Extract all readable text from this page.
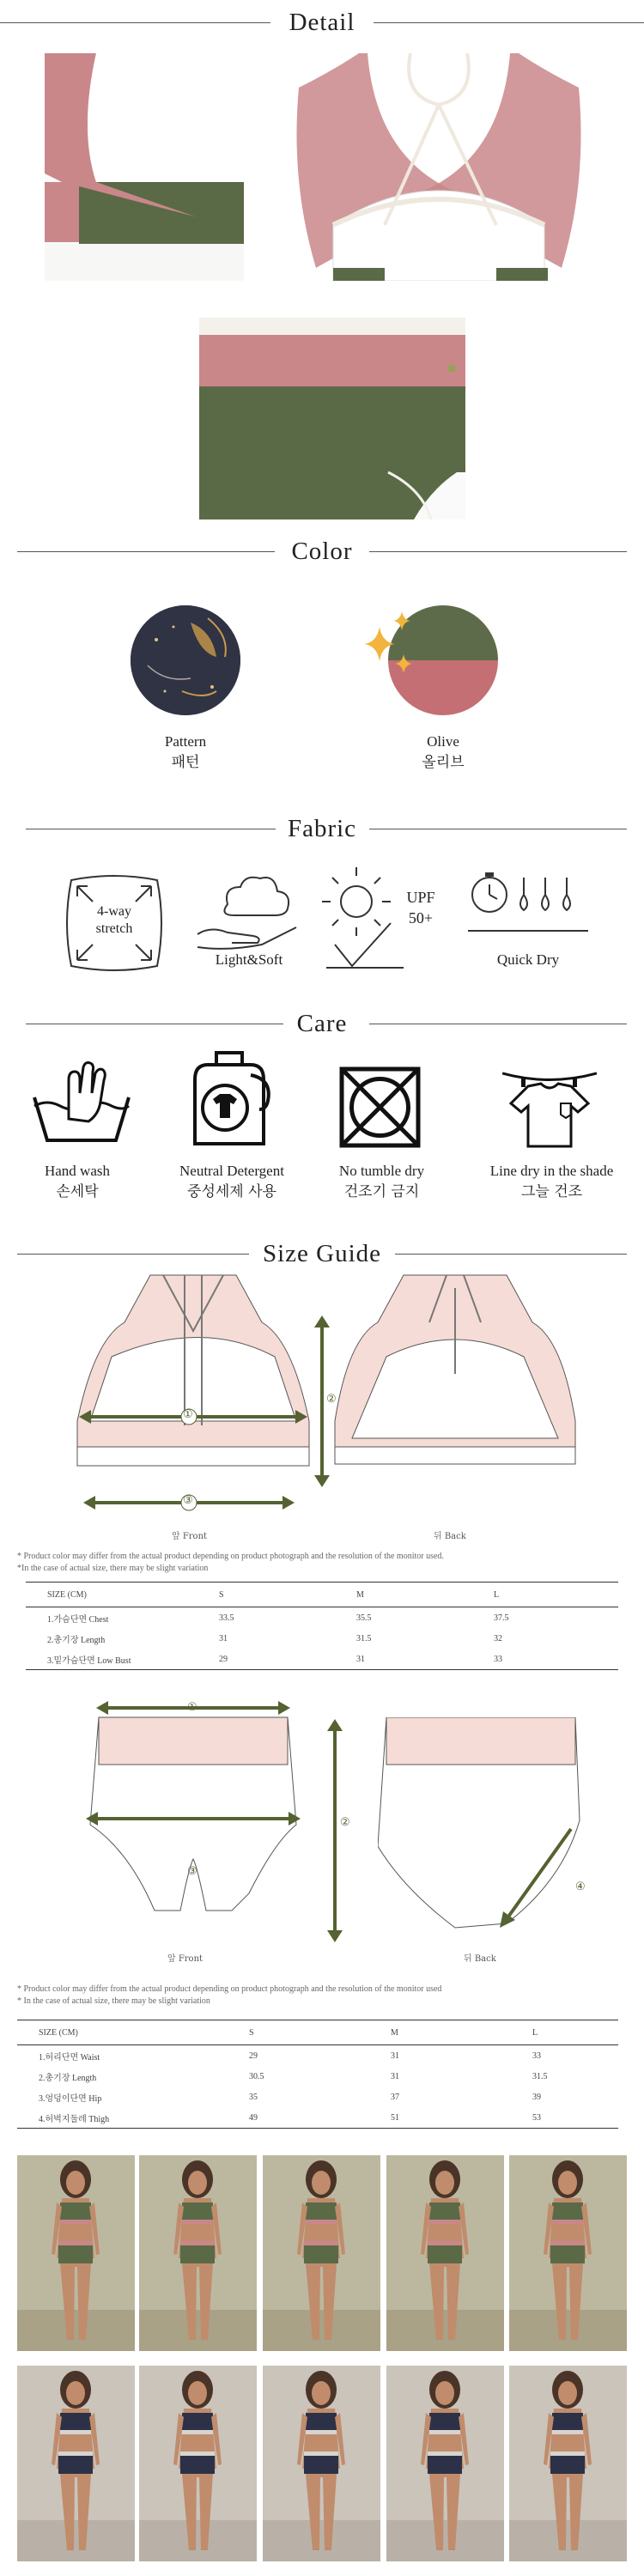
Detail
Color
Pattern
패턴
Olive
올리브
Fabric
4-way
stretch
Light&Soft
UPF
50+
Quick Dry
Care
Hand wash
손세탁
Neutral Detergent
중성세제 사용
No tumble dry
건조기 금지
Line dry in the shade
그늘 건조
Size Guide
①
③
②
앞 Front	뒤 Back
* Product color may differ from the actual product depending on product photograph and the resolution of the monitor used.
*In the case of actual size, there may be slight variation
SIZE (CM)	S	M	L
1.가슴단면 Chest	33.5	35.5	37.5
2.총기장 Length	31	31.5	32
3.밑가슴단면 Low Bust	29	31	33
①
③
②
앞 Front
④
뒤 Back
* Product color may differ from the actual product depending on product photograph and the resolution of the monitor used
* In the case of actual size, there may be slight variation
SIZE (CM)	S	M	L
1.허리단면 Waist	29	31	33
2.총기장 Length	30.5	31	31.5
3.엉덩이단면 Hip	35	37	39
4.허벅지둘레 Thigh	49	51	53
